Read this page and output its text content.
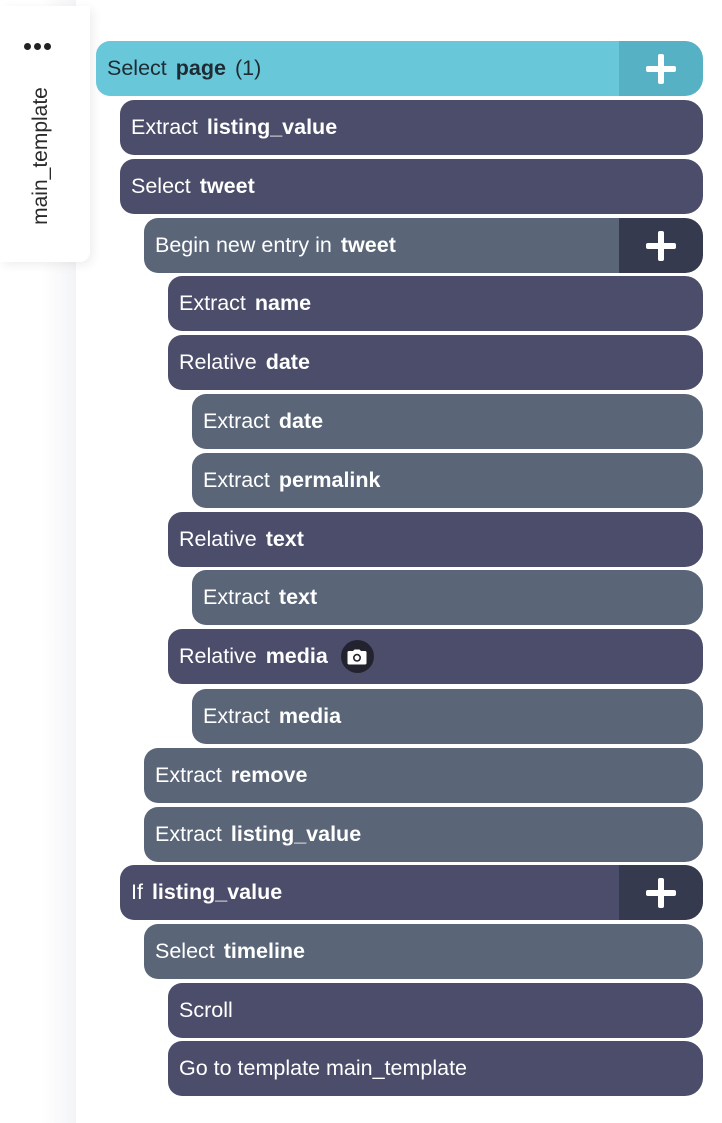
main_template
Select page (1)
Extract listing_value
Select tweet
Begin new entry in tweet
Extract name
Relative date
Extract date
Extract permalink
Relative text
Extract text
Relative media
Extract media
Extract remove
Extract listing_value
If listing_value
Select timeline
Scroll
Go to template main_template
